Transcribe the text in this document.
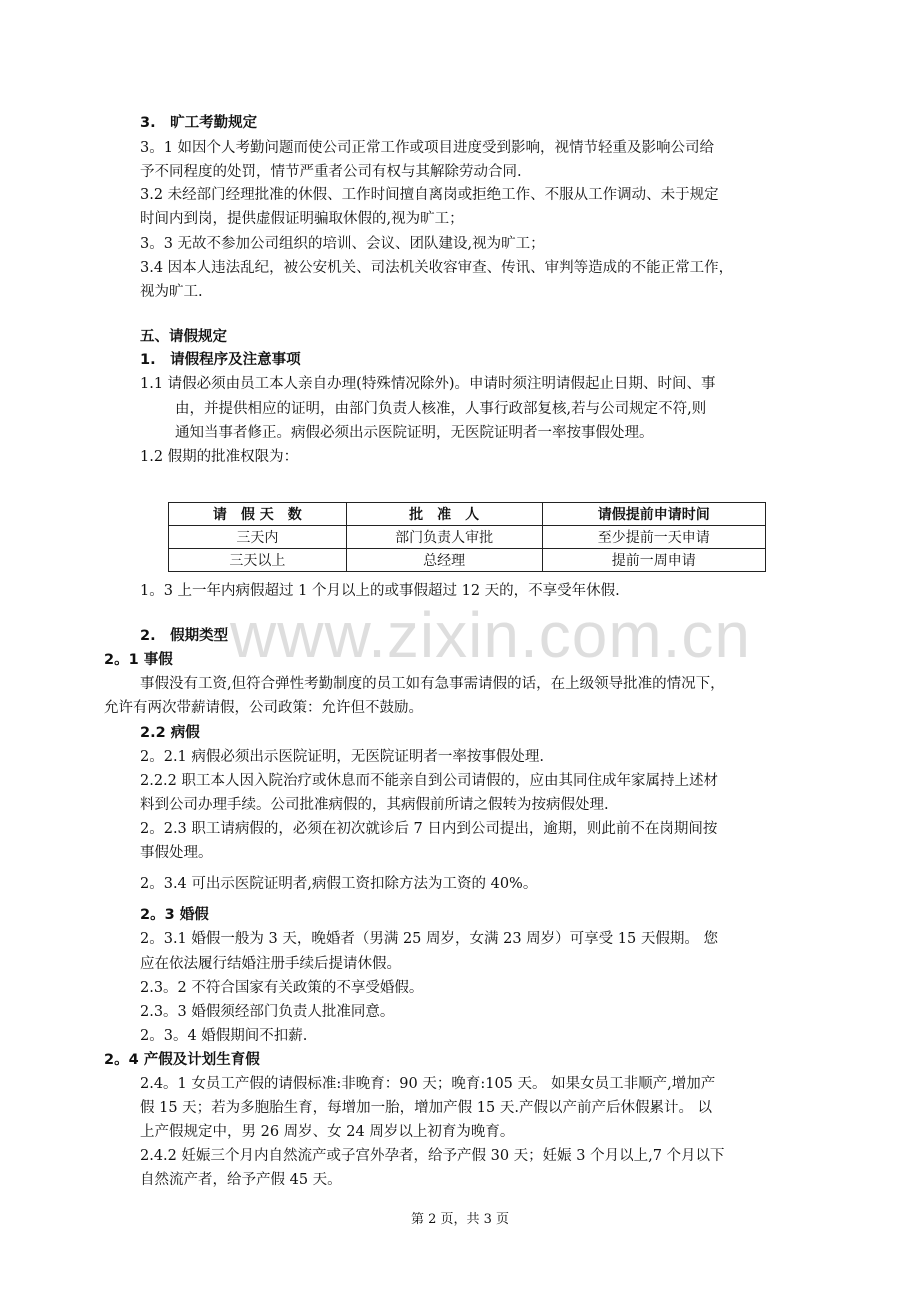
3.　旷工考勤规定
3。1 如因个人考勤问题而使公司正常工作或项目进度受到影响，视情节轻重及影响公司给
予不同程度的处罚，情节严重者公司有权与其解除劳动合同.
3.2 未经部门经理批准的休假、工作时间擅自离岗或拒绝工作、不服从工作调动、未于规定
时间内到岗，提供虚假证明骗取休假的,视为旷工；
3。3 无故不参加公司组织的培训、会议、团队建设,视为旷工；
3.4 因本人违法乱纪，被公安机关、司法机关收容审查、传讯、审判等造成的不能正常工作，
视为旷工.
五、请假规定
1.　请假程序及注意事项
1.1 请假必须由员工本人亲自办理(特殊情况除外)。申请时须注明请假起止日期、时间、事
由，并提供相应的证明，由部门负责人核准，人事行政部复核,若与公司规定不符,则
通知当事者修正。病假必须出示医院证明，无医院证明者一率按事假处理。
1.2 假期的批准权限为：
请　假 天　数	批　准　人	请假提前申请时间
三天内	部门负责人审批	至少提前一天申请
三天以上	总经理	提前一周申请
1。3 上一年内病假超过 1 个月以上的或事假超过 12 天的，不享受年休假.
www.zixin.com.cn
2.　假期类型
2。1 事假
事假没有工资,但符合弹性考勤制度的员工如有急事需请假的话，在上级领导批准的情况下，
允许有两次带薪请假，公司政策：允许但不鼓励。
2.2 病假
2。2.1 病假必须出示医院证明，无医院证明者一率按事假处理.
2.2.2 职工本人因入院治疗或休息而不能亲自到公司请假的，应由其同住成年家属持上述材
料到公司办理手续。公司批准病假的，其病假前所请之假转为按病假处理.
2。2.3 职工请病假的，必须在初次就诊后 7 日内到公司提出，逾期，则此前不在岗期间按
事假处理。
2。3.4 可出示医院证明者,病假工资扣除方法为工资的 40%。
2。3 婚假
2。3.1 婚假一般为 3 天，晚婚者（男满 25 周岁，女满 23 周岁）可享受 15 天假期。 您
应在依法履行结婚注册手续后提请休假。
2.3。2 不符合国家有关政策的不享受婚假。
2.3。3 婚假须经部门负责人批准同意。
2。3。4 婚假期间不扣薪.
2。4 产假及计划生育假
2.4。1 女员工产假的请假标准:非晚育：90 天；晚育:105 天。 如果女员工非顺产,增加产
假 15 天；若为多胞胎生育，每增加一胎，增加产假 15 天.产假以产前产后休假累计。 以
上产假规定中，男 26 周岁、女 24 周岁以上初育为晚育。
2.4.2 妊娠三个月内自然流产或子宫外孕者，给予产假 30 天；妊娠 3 个月以上,7 个月以下
自然流产者，给予产假 45 天。
第 2 页，共 3 页
